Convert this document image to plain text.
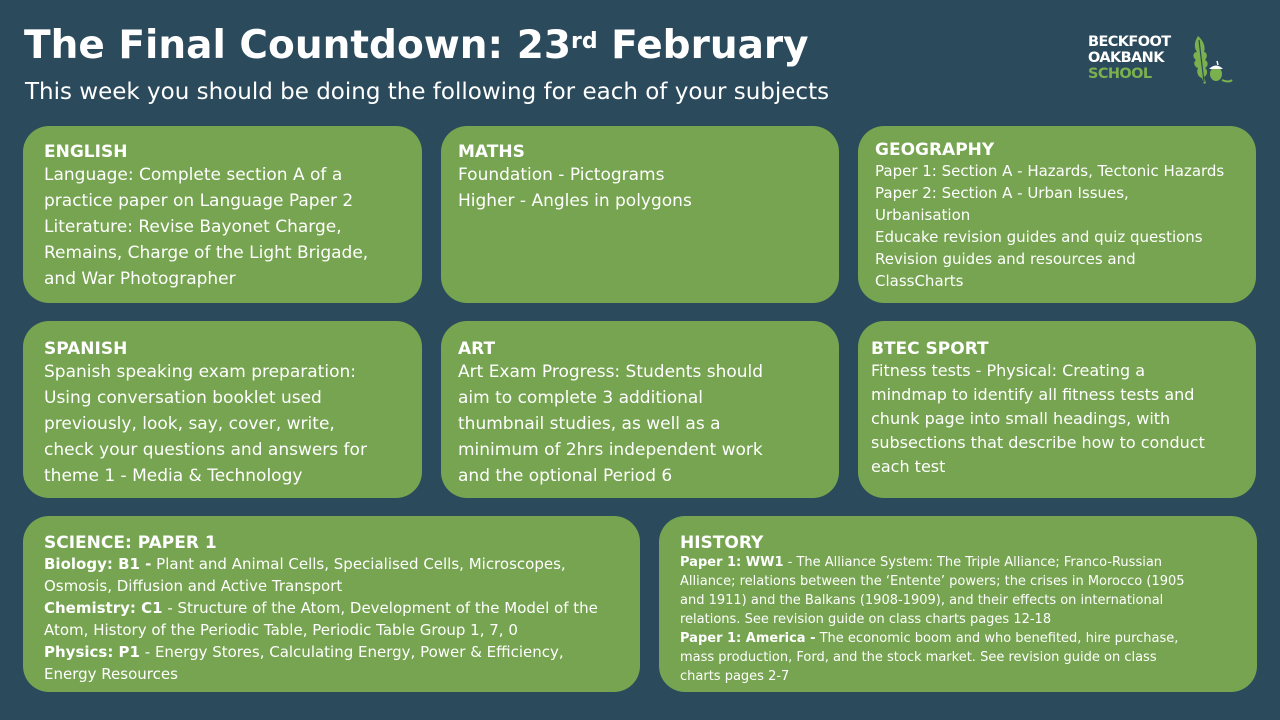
The Final Countdown: 23rd February
This week you should be doing the following for each of your subjects
BECKFOOT
OAKBANK
SCHOOL
ENGLISH

Language: Complete section A of a

practice paper on Language Paper 2

Literature: Revise Bayonet Charge,

Remains, Charge of the Light Brigade,

and War Photographer

MATHS

Foundation - Pictograms

Higher - Angles in polygons

GEOGRAPHY

Paper 1: Section A - Hazards, Tectonic Hazards

Paper 2: Section A - Urban Issues,

Urbanisation

Educake revision guides and quiz questions

Revision guides and resources and

ClassCharts

SPANISH

Spanish speaking exam preparation:

Using conversation booklet used

previously, look, say, cover, write,

check your questions and answers for

theme 1 - Media & Technology

ART

Art Exam Progress: Students should

aim to complete 3 additional

thumbnail studies, as well as a

minimum of 2hrs independent work

and the optional Period 6

BTEC SPORT

Fitness tests - Physical: Creating a

mindmap to identify all fitness tests and

chunk page into small headings, with

subsections that describe how to conduct

each test

SCIENCE: PAPER 1

Biology: B1 - Plant and Animal Cells, Specialised Cells, Microscopes,

Osmosis, Diffusion and Active Transport

Chemistry: C1 - Structure of the Atom, Development of the Model of the

Atom, History of the Periodic Table, Periodic Table Group 1, 7, 0

Physics: P1 - Energy Stores, Calculating Energy, Power & Efficiency,

Energy Resources

HISTORY

Paper 1: WW1 - The Alliance System: The Triple Alliance; Franco-Russian

Alliance; relations between the ‘Entente’ powers; the crises in Morocco (1905

and 1911) and the Balkans (1908-1909), and their effects on international

relations. See revision guide on class charts pages 12-18

Paper 1: America - The economic boom and who benefited, hire purchase,

mass production, Ford, and the stock market. See revision guide on class

charts pages 2-7
